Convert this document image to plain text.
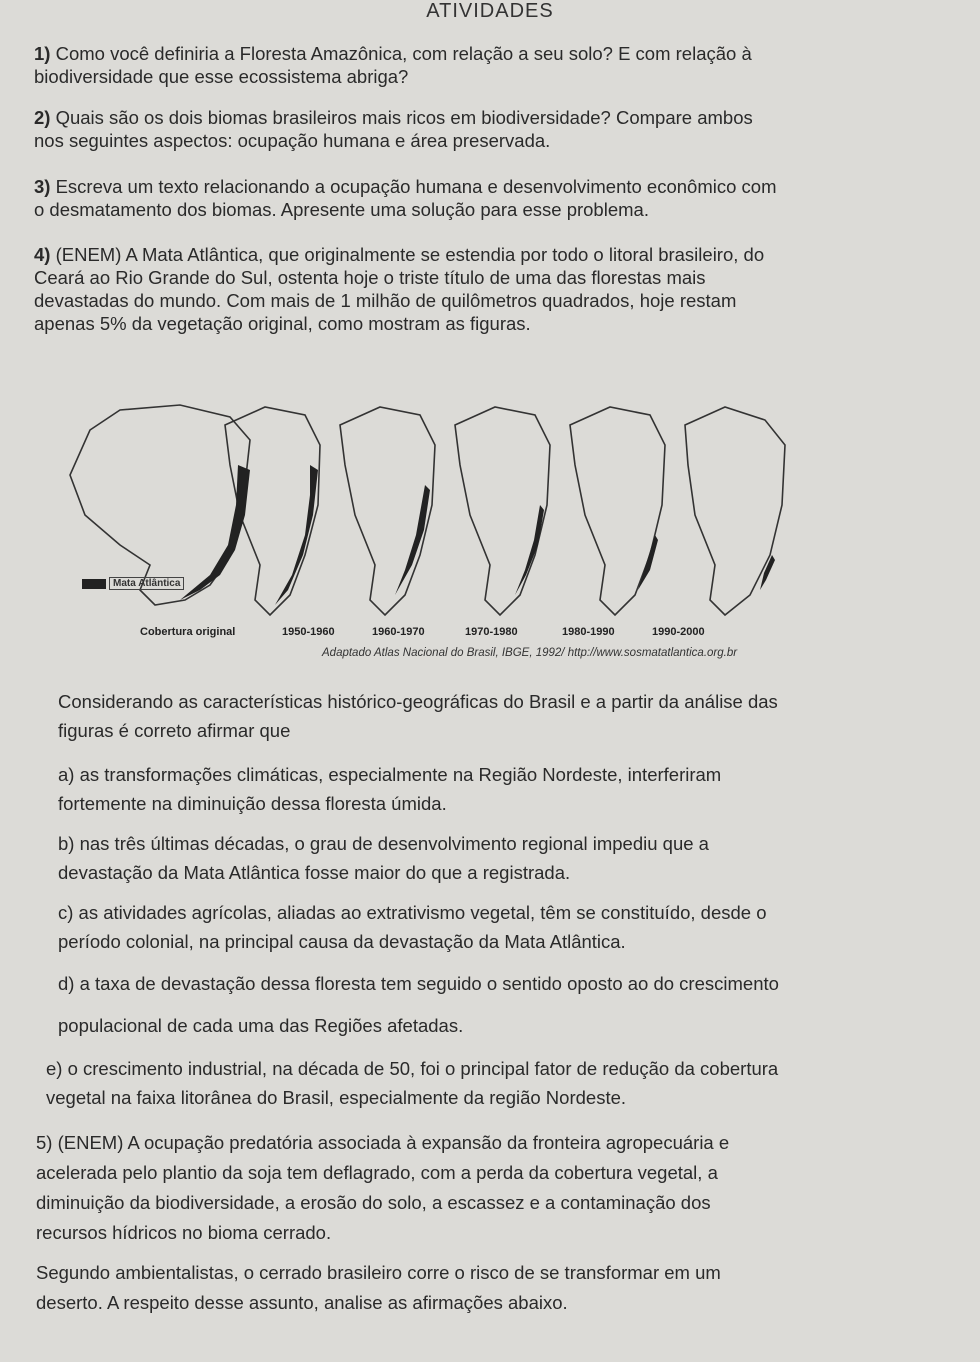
ATIVIDADES
1) Como você definiria a Floresta Amazônica, com relação a seu solo? E com relação à
biodiversidade que esse ecossistema abriga?
2) Quais são os dois biomas brasileiros mais ricos em biodiversidade? Compare ambos
nos seguintes aspectos: ocupação humana e área preservada.
3) Escreva um texto relacionando a ocupação humana e desenvolvimento econômico com
o desmatamento dos biomas. Apresente uma solução para esse problema.
4) (ENEM) A Mata Atlântica, que originalmente se estendia por todo o litoral brasileiro, do
Ceará ao Rio Grande do Sul, ostenta hoje o triste título de uma das florestas mais
devastadas do mundo. Com mais de 1 milhão de quilômetros quadrados, hoje restam
apenas 5% da vegetação original, como mostram as figuras.
Mata Atlântica
Cobertura original	1950-1960	1960-1970	1970-1980	1980-1990	1990-2000
Adaptado Atlas Nacional do Brasil, IBGE, 1992/ http://www.sosmatatlantica.org.br
Considerando as características histórico-geográficas do Brasil e a partir da análise das
figuras é correto afirmar que
a) as transformações climáticas, especialmente na Região Nordeste, interferiram
fortemente na diminuição dessa floresta úmida.
b) nas três últimas décadas, o grau de desenvolvimento regional impediu que a
devastação da Mata Atlântica fosse maior do que a registrada.
c) as atividades agrícolas, aliadas ao extrativismo vegetal, têm se constituído, desde o
período colonial, na principal causa da devastação da Mata Atlântica.
d) a taxa de devastação dessa floresta tem seguido o sentido oposto ao do crescimento
populacional de cada uma das Regiões afetadas.
e) o crescimento industrial, na década de 50, foi o principal fator de redução da cobertura
vegetal na faixa litorânea do Brasil, especialmente da região Nordeste.
5) (ENEM) A ocupação predatória associada à expansão da fronteira agropecuária e
acelerada pelo plantio da soja tem deflagrado, com a perda da cobertura vegetal, a
diminuição da biodiversidade, a erosão do solo, a escassez e a contaminação dos
recursos hídricos no bioma cerrado.
Segundo ambientalistas, o cerrado brasileiro corre o risco de se transformar em um
deserto. A respeito desse assunto, analise as afirmações abaixo.
